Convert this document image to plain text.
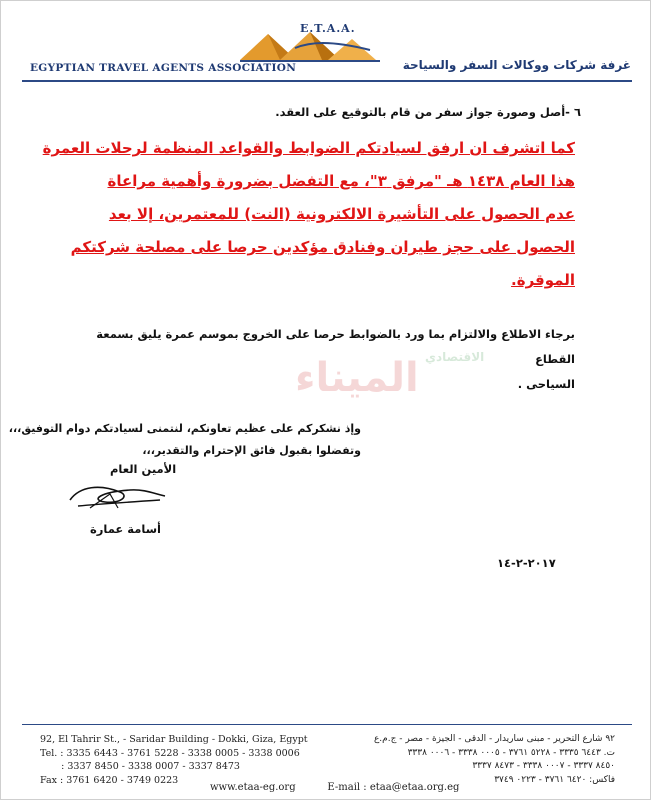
E.T.A.A.
EGYPTIAN TRAVEL AGENTS ASSOCIATION	غرفة شركات ووكالات السفر والسياحة
الاقتصادي
الميناء
٦ -أصل وصورة جواز سفر من قام بالتوقيع على العقد.
كما اتشرف ان ارفق لسيادتكم الضوابط والقواعد المنظمة لرحلات العمرة
هذا العام ١٤٣٨ هـ "مرفق ٣"، مع التفضل بضرورة وأهمية مراعاة
عدم الحصول على التأشيرة الالكترونية (النت) للمعتمرين، إلا بعد
الحصول على حجز طيران وفنادق مؤكدين حرصا على مصلحة شركتكم
الموقرة.
برجاء الاطلاع والالتزام بما ورد بالضوابط حرصا على الخروج بموسم عمرة يليق بسمعة القطاع
السياحى .
وإذ نشكركم على عظيم تعاونكم، لنتمنى لسيادتكم دوام التوفيق،،،
وتفضلوا بقبول فائق الإحترام والتقدير،،،
الأمين العام
أسامة عمارة
٢٠١٧-٢-١٤
92, El Tahrir St., - Saridar Building - Dokki, Giza, Egypt
Tel. : 3335 6443 - 3761 5228 - 3338 0005 - 3338 0006
: 3337 8450 - 3338 0007 - 3337 8473
Fax : 3761 6420 - 3749 0223
٩٢ شارع التحرير - مبنى ساريدار - الدقى - الجيزة - مصر - ج.م.ع
ت. ٦٤٤٣ ٣٣٣٥ - ٥٢٢٨ ٣٧٦١ - ٠٠٠٥ ٣٣٣٨ - ٠٠٠٦ ٣٣٣٨
٨٤٥٠ ٣٣٣٧ - ٠٠٠٧ ٣٣٣٨ - ٨٤٧٣ ٣٣٣٧
فاكس: ٦٤٢٠ ٣٧٦١ - ٠٢٢٣ ٣٧٤٩
www.etaa-eg.org          E-mail : etaa@etaa.org.eg
